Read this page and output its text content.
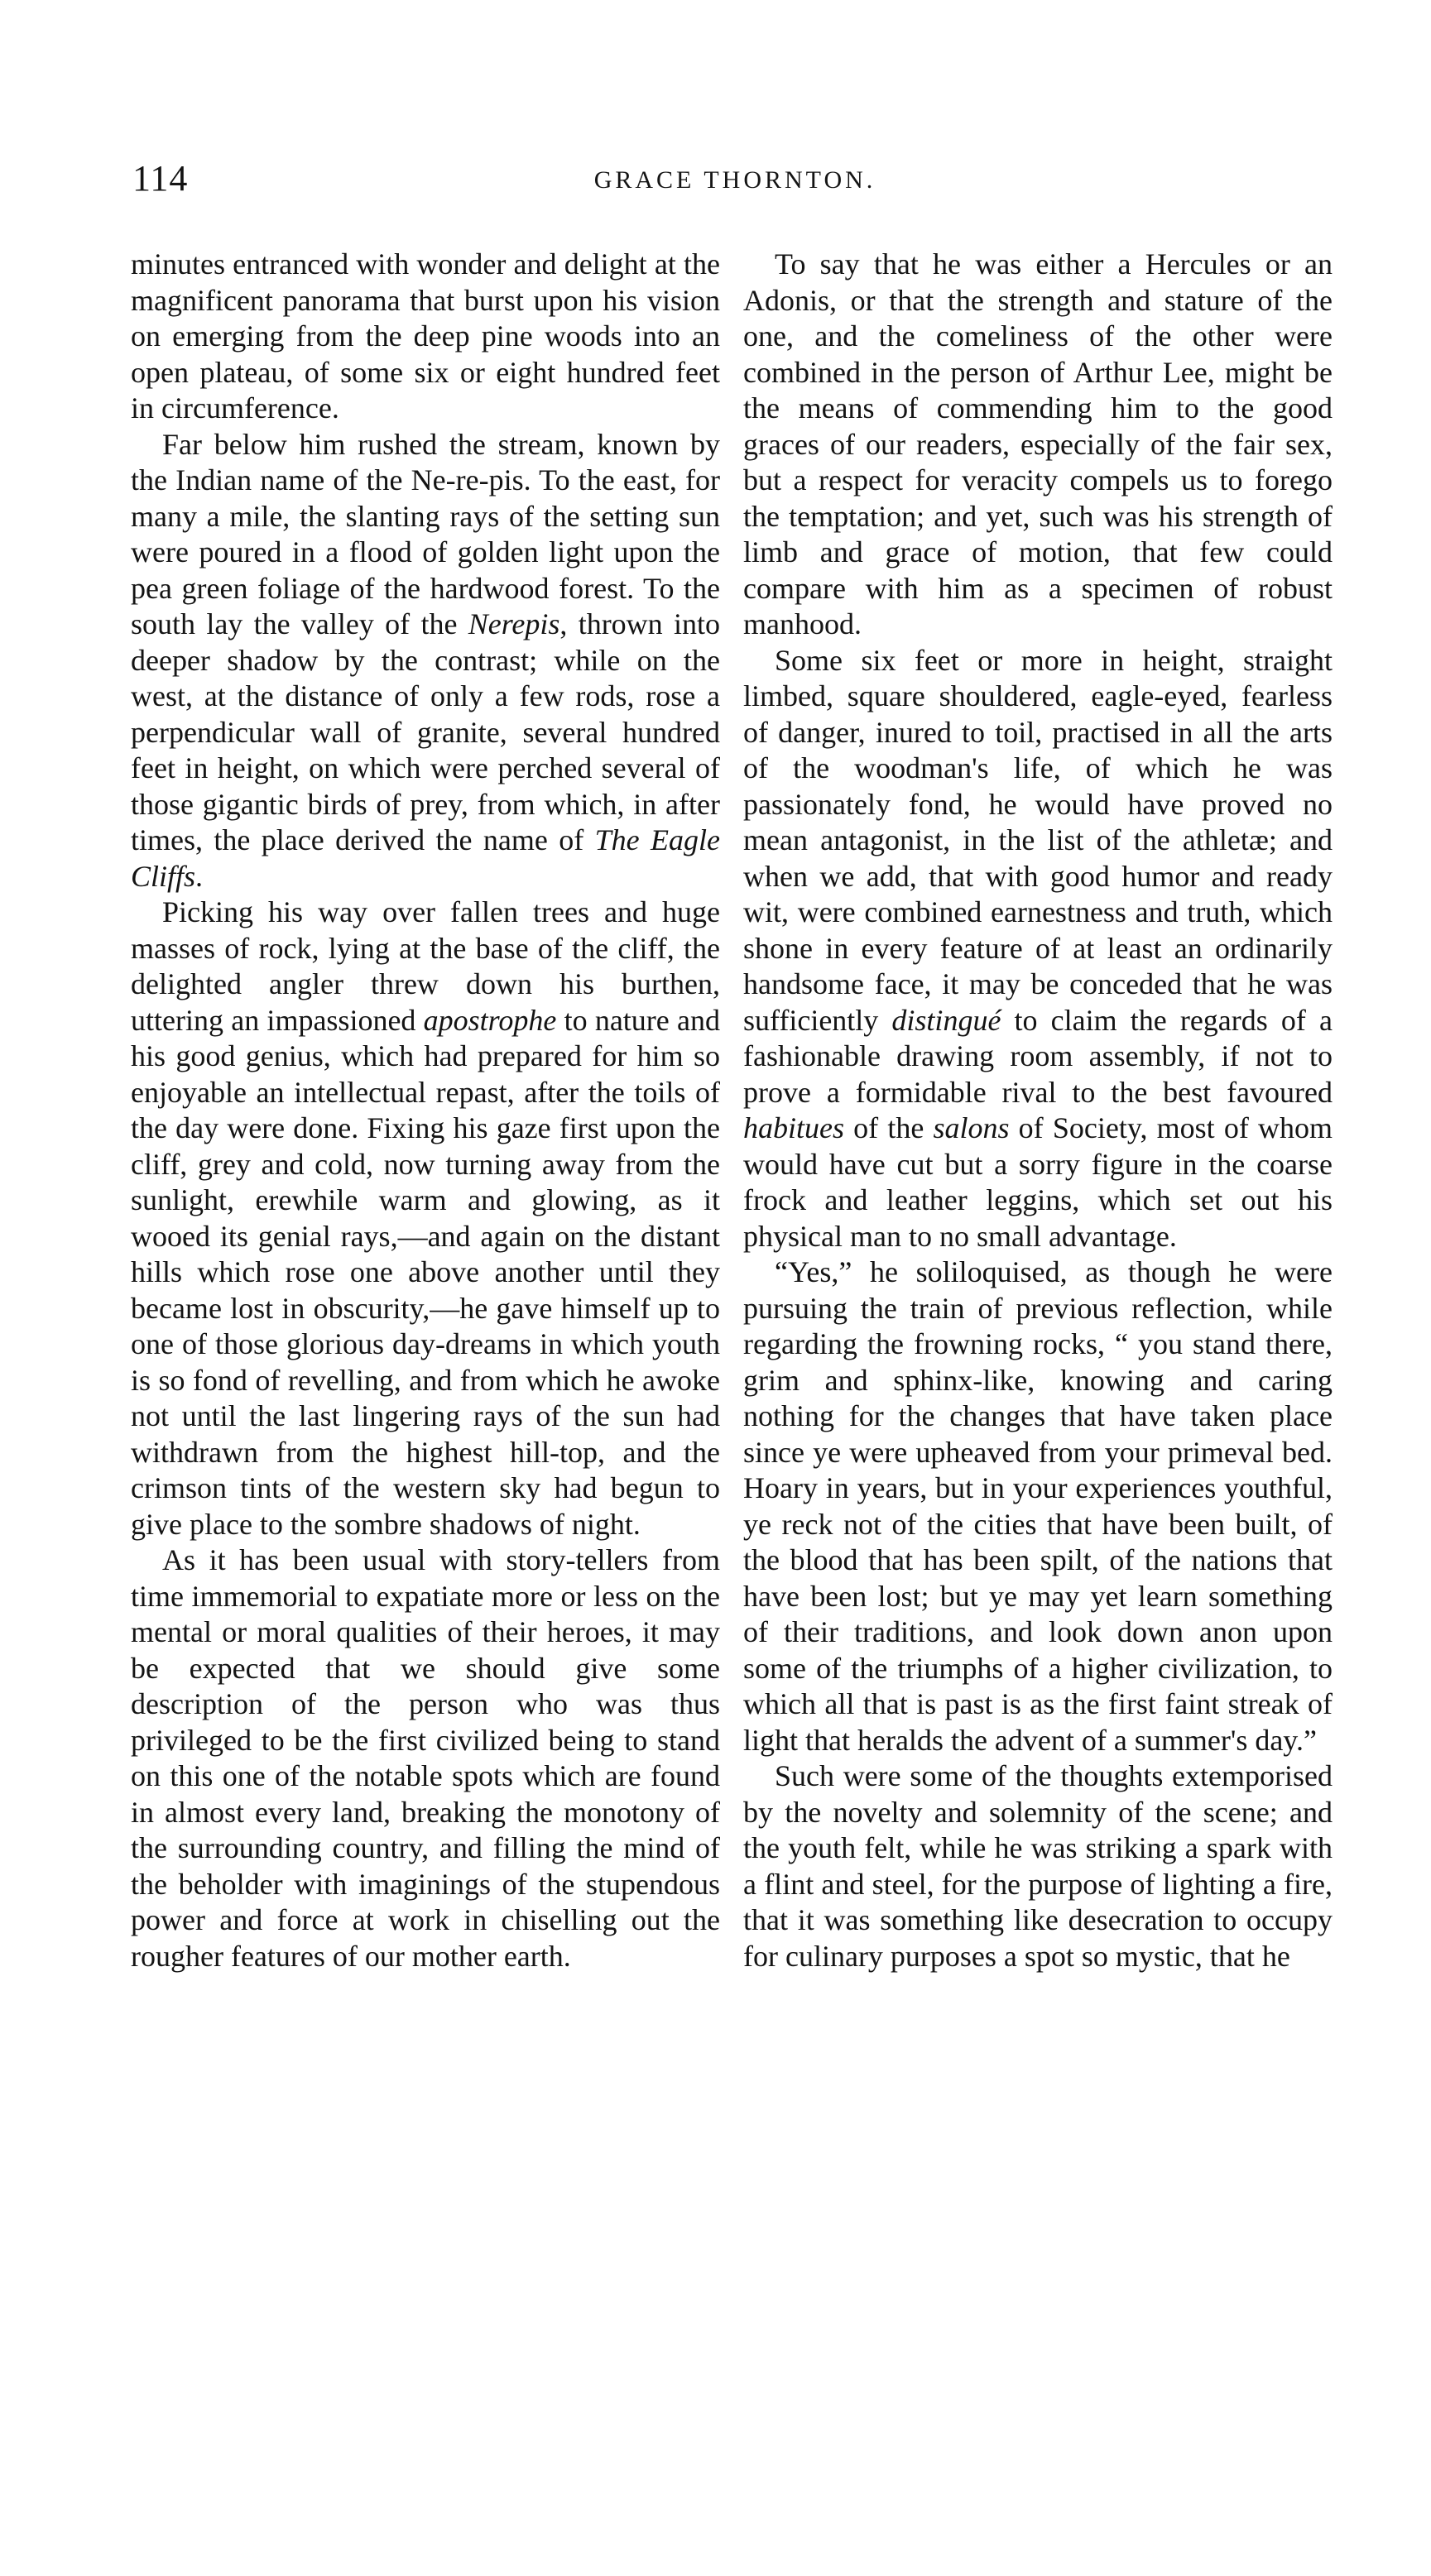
114	GRACE THORNTON.

minutes entranced with wonder and delight at the magnificent panorama that burst upon his vision on emerging from the deep pine woods into an open plateau, of some six or eight hundred feet in circumference.

Far below him rushed the stream, known by the Indian name of the Ne-re-pis. To the east, for many a mile, the slanting rays of the setting sun were poured in a flood of golden light upon the pea green foliage of the hardwood forest. To the south lay the valley of the Nerepis, thrown into deeper shadow by the contrast; while on the west, at the distance of only a few rods, rose a perpendicular wall of granite, several hundred feet in height, on which were perched several of those gigantic birds of prey, from which, in after times, the place derived the name of The Eagle Cliffs.

Picking his way over fallen trees and huge masses of rock, lying at the base of the cliff, the delighted angler threw down his burthen, uttering an impassioned apostrophe to nature and his good genius, which had prepared for him so enjoyable an intellectual repast, after the toils of the day were done. Fixing his gaze first upon the cliff, grey and cold, now turning away from the sunlight, erewhile warm and glowing, as it wooed its genial rays,—and again on the distant hills which rose one above another until they became lost in obscurity,—he gave himself up to one of those glorious day-dreams in which youth is so fond of revelling, and from which he awoke not until the last lingering rays of the sun had withdrawn from the highest hill-top, and the crimson tints of the western sky had begun to give place to the sombre shadows of night.

As it has been usual with story-tellers from time immemorial to expatiate more or less on the mental or moral qualities of their heroes, it may be expected that we should give some description of the person who was thus privileged to be the first civilized being to stand on this one of the notable spots which are found in almost every land, breaking the monotony of the surrounding country, and filling the mind of the beholder with imaginings of the stupendous power and force at work in chiselling out the rougher features of our mother earth.

To say that he was either a Hercules or an Adonis, or that the strength and stature of the one, and the comeliness of the other were combined in the person of Arthur Lee, might be the means of commending him to the good graces of our readers, especially of the fair sex, but a respect for veracity compels us to forego the temptation; and yet, such was his strength of limb and grace of motion, that few could compare with him as a specimen of robust manhood.

Some six feet or more in height, straight limbed, square shouldered, eagle-eyed, fearless of danger, inured to toil, practised in all the arts of the woodman's life, of which he was passionately fond, he would have proved no mean antagonist, in the list of the athletæ; and when we add, that with good humor and ready wit, were combined earnestness and truth, which shone in every feature of at least an ordinarily handsome face, it may be conceded that he was sufficiently distingué to claim the regards of a fashionable drawing room assembly, if not to prove a formidable rival to the best favoured habitues of the salons of Society, most of whom would have cut but a sorry figure in the coarse frock and leather leggins, which set out his physical man to no small advantage.

“Yes,” he soliloquised, as though he were pursuing the train of previous reflection, while regarding the frowning rocks, “ you stand there, grim and sphinx-like, knowing and caring nothing for the changes that have taken place since ye were upheaved from your primeval bed. Hoary in years, but in your experiences youthful, ye reck not of the cities that have been built, of the blood that has been spilt, of the nations that have been lost; but ye may yet learn something of their traditions, and look down anon upon some of the triumphs of a higher civilization, to which all that is past is as the first faint streak of light that heralds the advent of a summer's day.”

Such were some of the thoughts extemporised by the novelty and solemnity of the scene; and the youth felt, while he was striking a spark with a flint and steel, for the purpose of lighting a fire, that it was something like desecration to occupy for culinary purposes a spot so mystic, that he
